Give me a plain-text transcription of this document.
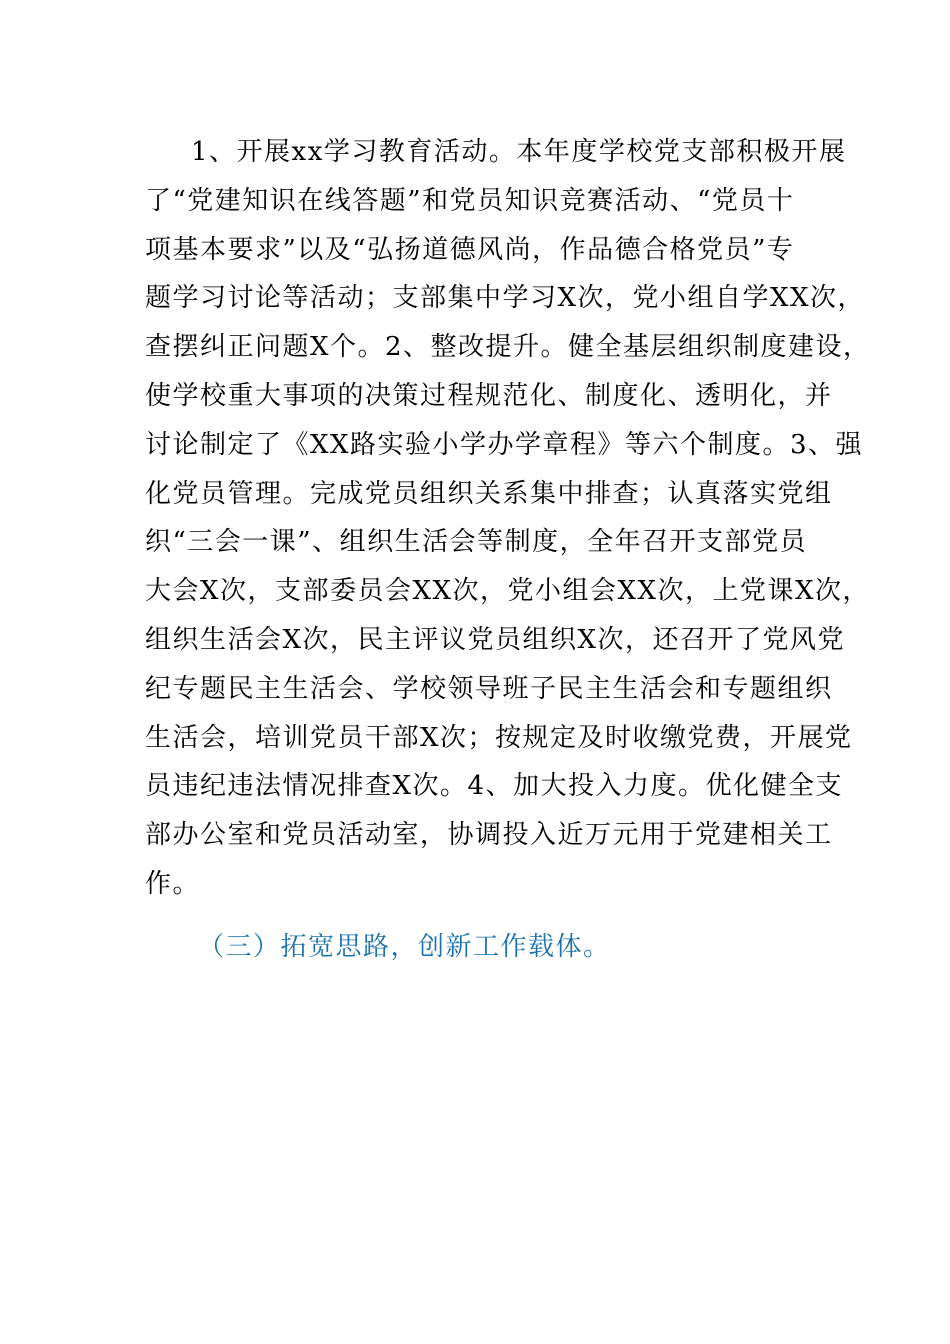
1、开展xx学习教育活动。本年度学校党支部积极开展
了“党建知识在线答题”和党员知识竞赛活动、“党员十
项基本要求”以及“弘扬道德风尚，作品德合格党员”专
题学习讨论等活动；支部集中学习X次，党小组自学XX次，
查摆纠正问题X个。2、整改提升。健全基层组织制度建设，
使学校重大事项的决策过程规范化、制度化、透明化，并
讨论制定了《XX路实验小学办学章程》等六个制度。3、强
化党员管理。完成党员组织关系集中排查；认真落实党组
织“三会一课”、组织生活会等制度，全年召开支部党员
大会X次，支部委员会XX次，党小组会XX次，上党课X次，
组织生活会X次，民主评议党员组织X次，还召开了党风党
纪专题民主生活会、学校领导班子民主生活会和专题组织
生活会，培训党员干部X次；按规定及时收缴党费，开展党
员违纪违法情况排查X次。4、加大投入力度。优化健全支
部办公室和党员活动室，协调投入近万元用于党建相关工
作。
（三）拓宽思路，创新工作载体。
